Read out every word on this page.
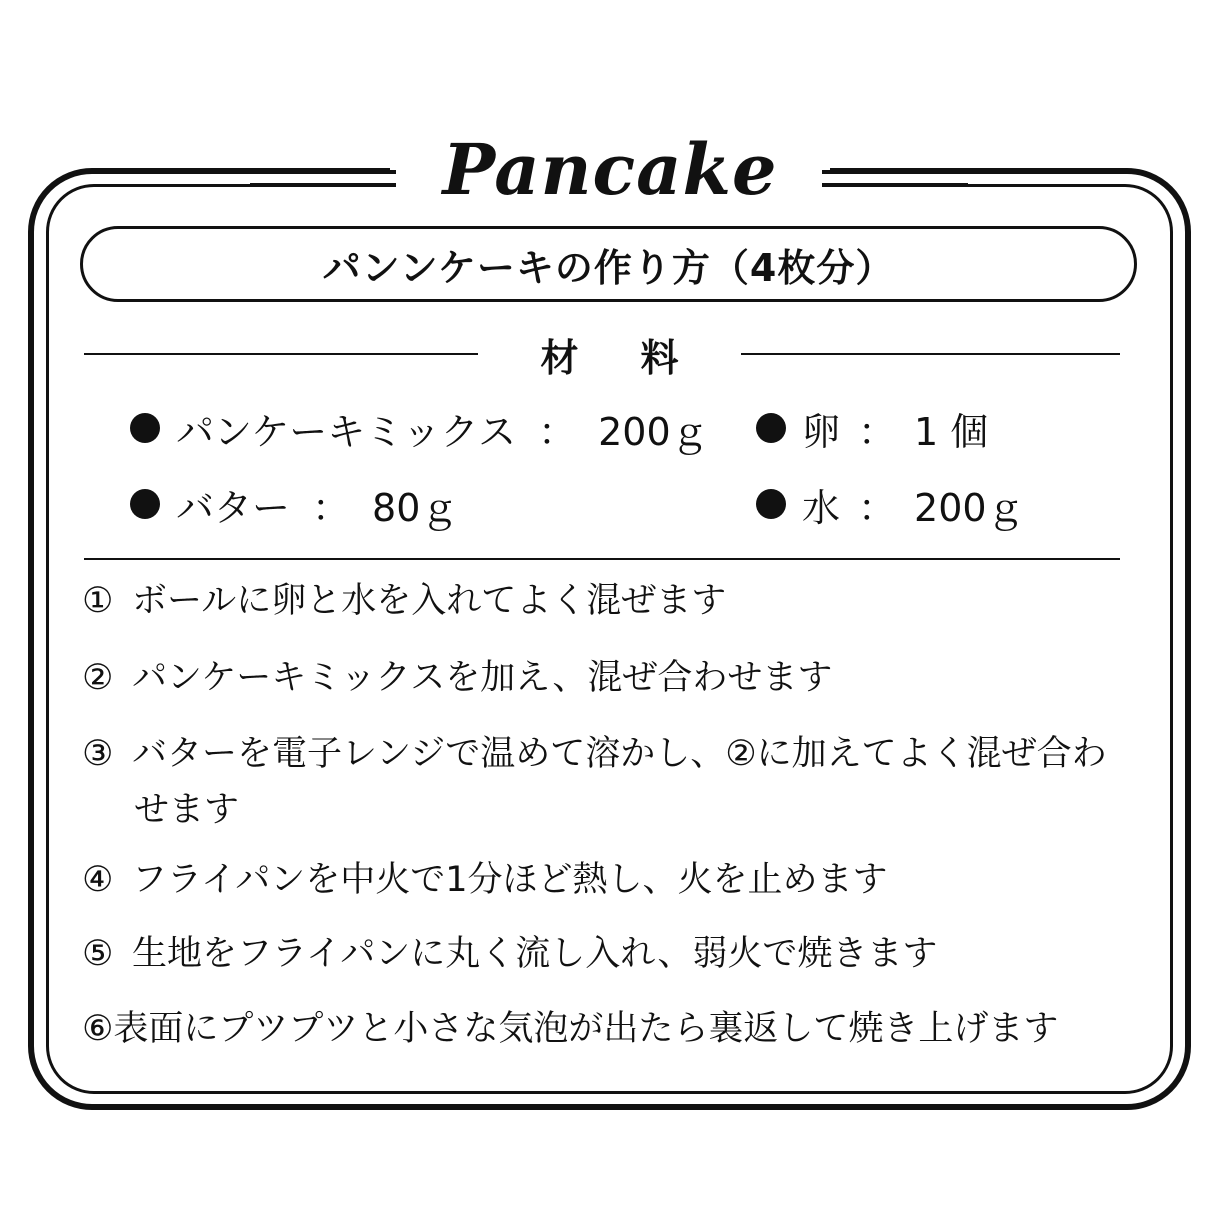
Pancake
パンンケーキの作り方（4枚分）
材料
パンケーキミックス ： 200ｇ 卵 ： 1 個
バター ： 80ｇ	水 ： 200ｇ
① ボールに卵と水を入れてよく混ぜます
② パンケーキミックスを加え、混ぜ合わせます
③ バターを電子レンジで温めて溶かし、②に加えてよく混ぜ合わ
せます
④ フライパンを中火で1分ほど熱し、火を止めます
⑤ 生地をフライパンに丸く流し入れ、弱火で焼きます
⑥表面にプツプツと小さな気泡が出たら裏返して焼き上げます
